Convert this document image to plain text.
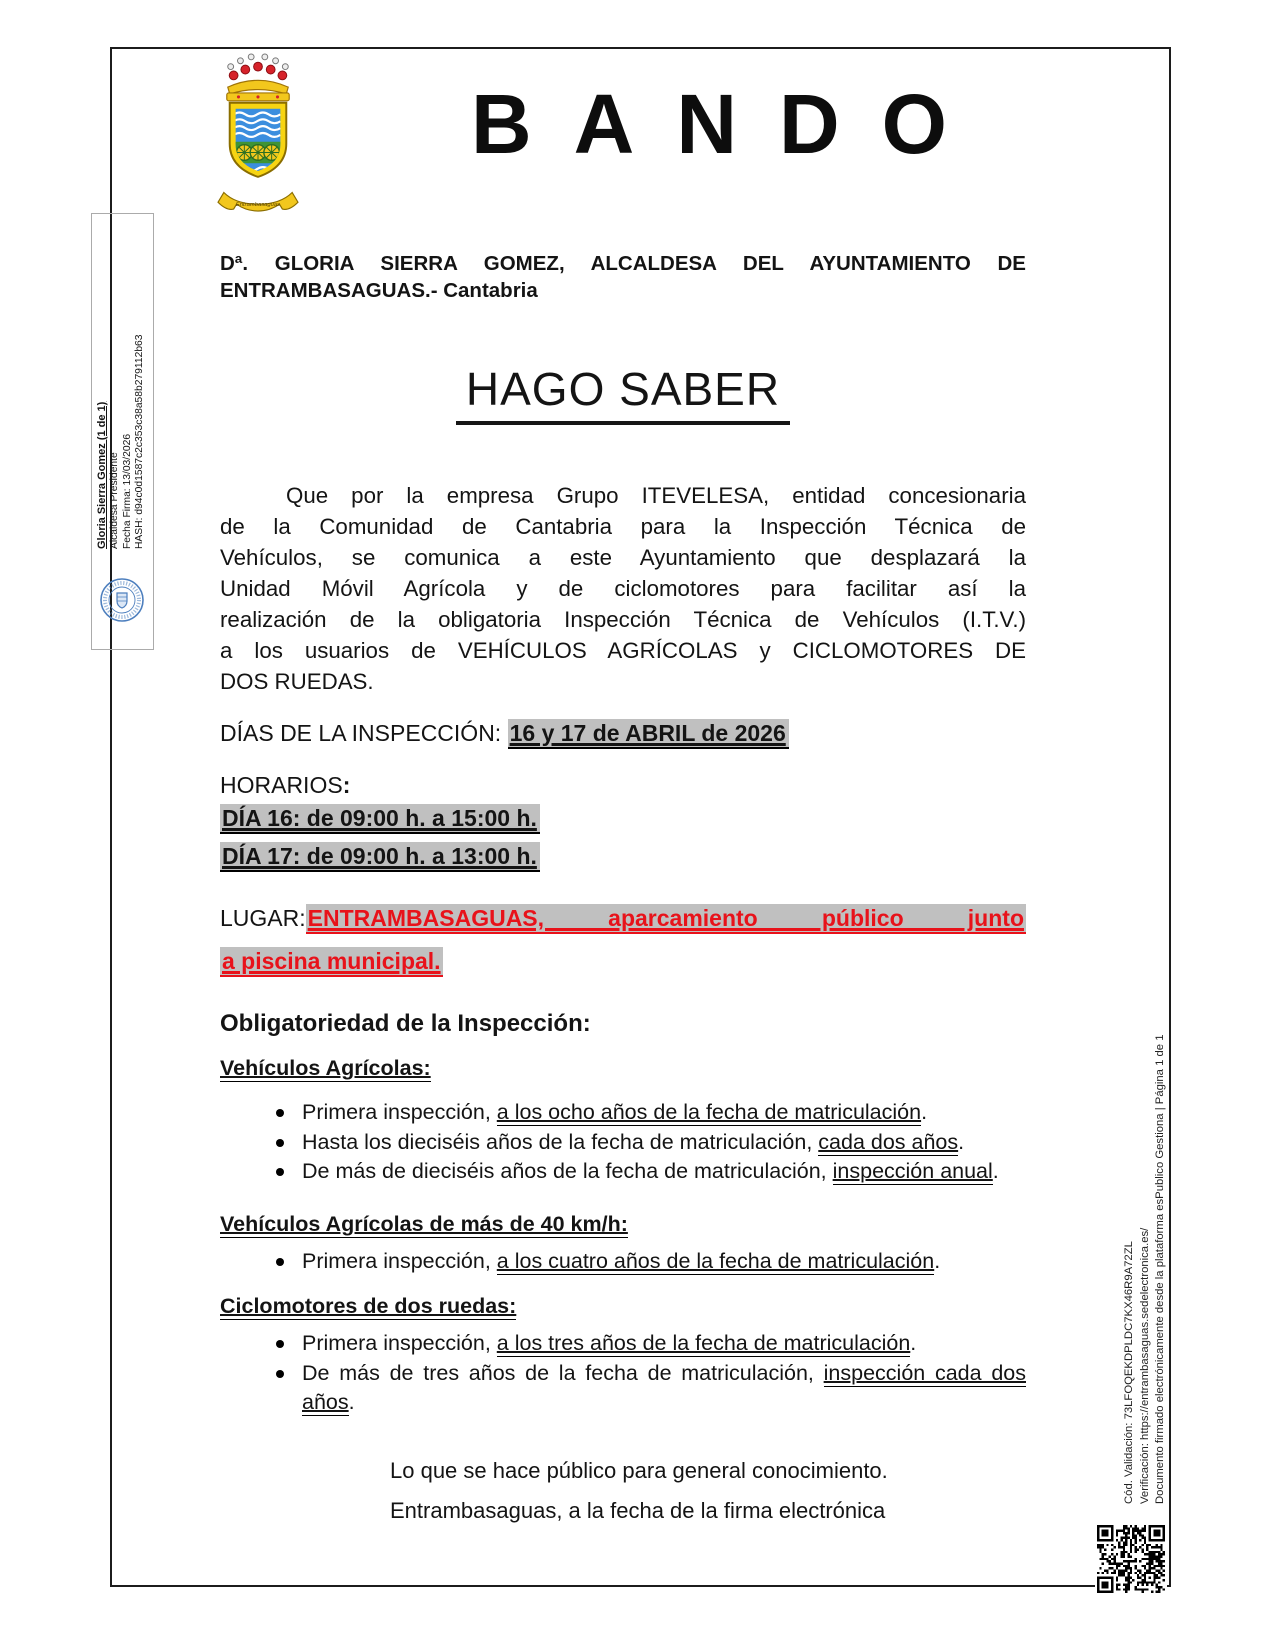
Entrambasaguas
BANDO
Dª. GLORIA SIERRA GOMEZ, ALCALDESA DEL AYUNTAMIENTO DE
ENTRAMBASAGUAS.- Cantabria
HAGO SABER
Que por la empresa Grupo ITEVELESA, entidad concesionaria
de la Comunidad de Cantabria para la Inspección Técnica de
Vehículos, se comunica a este Ayuntamiento que desplazará la
Unidad Móvil Agrícola y de ciclomotores para facilitar así la
realización de la obligatoria Inspección Técnica de Vehículos (I.T.V.)
a los usuarios de VEHÍCULOS AGRÍCOLAS y CICLOMOTORES DE
DOS RUEDAS.
DÍAS DE LA INSPECCIÓN: 16 y 17 de ABRIL de 2026
HORARIOS:
DÍA 16: de 09:00 h. a 15:00 h.
DÍA 17: de 09:00 h. a 13:00 h.
LUGAR:ENTRAMBASAGUAS, aparcamiento público junto
a piscina municipal.
Obligatoriedad de la Inspección:
Vehículos Agrícolas:
Primera inspección, a los ocho años de la fecha de matriculación.
Hasta los dieciséis años de la fecha de matriculación, cada dos años.
De más de dieciséis años de la fecha de matriculación, inspección anual.
Vehículos Agrícolas de más de 40 km/h:
Primera inspección, a los cuatro años de la fecha de matriculación.
Ciclomotores de dos ruedas:
Primera inspección, a los tres años de la fecha de matriculación.
De más de tres años de la fecha de matriculación, inspección cada dos años.
Lo que se hace público para general conocimiento.
Entrambasaguas, a la fecha de la firma electrónica
Gloria Sierra Gomez (1 de 1) Alcaldesa Presidente Fecha Firma: 13/03/2026 HASH: d94c0d1587c2c353c38a58b279112b63
Cód. Validación: 73LFOQEKDPLDC7KX46R9A72ZL Verificación: https://entrambasaguas.sedelectronica.es/ Documento firmado electrónicamente desde la plataforma esPublico Gestiona | Página 1 de 1
